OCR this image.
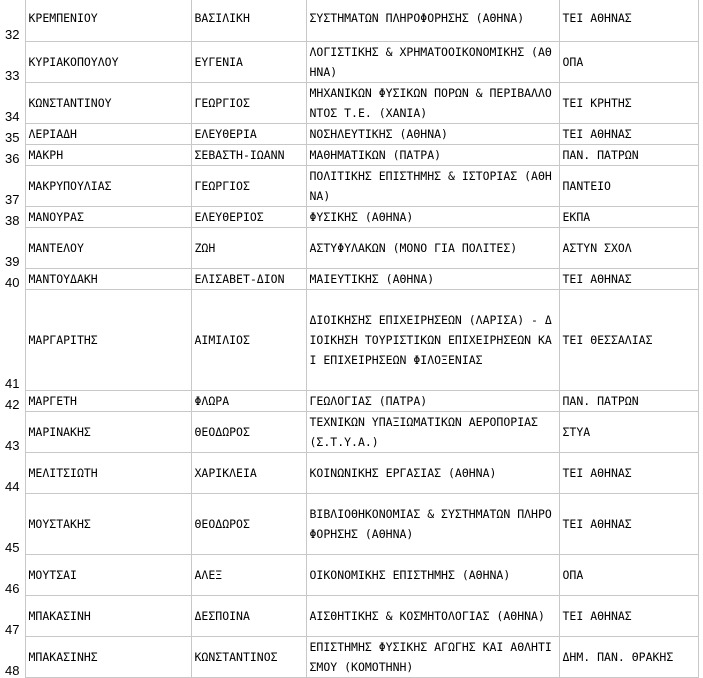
32	ΚΡΕΜΠΕΝΙΟΥ	ΒΑΣΙΛΙΚΗ	ΣΥΣΤΗΜΑΤΩΝ ΠΛΗΡΟΦΟΡΗΣΗΣ (ΑΘΗΝΑ)	ΤΕΙ ΑΘΗΝΑΣ
33	ΚΥΡΙΑΚΟΠΟΥΛΟΥ	ΕΥΓΕΝΙΑ	ΛΟΓΙΣΤΙΚΗΣ & ΧΡΗΜΑΤΟΟΙΚΟΝΟΜΙΚΗΣ (ΑΘΗΝΑ)	ΟΠΑ
34	ΚΩΝΣΤΑΝΤΙΝΟΥ	ΓΕΩΡΓΙΟΣ	ΜΗΧΑΝΙΚΩΝ ΦΥΣΙΚΩΝ ΠΟΡΩΝ & ΠΕΡΙΒΑΛΛΟΝΤΟΣ Τ.Ε. (ΧΑΝΙΑ)	ΤΕΙ ΚΡΗΤΗΣ
35	ΛΕΡΙΑΔΗ	ΕΛΕΥΘΕΡΙΑ	ΝΟΣΗΛΕΥΤΙΚΗΣ (ΑΘΗΝΑ)	ΤΕΙ ΑΘΗΝΑΣ
36	ΜΑΚΡΗ	ΣΕΒΑΣΤΗ-ΙΩΑΝΝ	ΜΑΘΗΜΑΤΙΚΩΝ (ΠΑΤΡΑ)	ΠΑΝ. ΠΑΤΡΩΝ
37	ΜΑΚΡΥΠΟΥΛΙΑΣ	ΓΕΩΡΓΙΟΣ	ΠΟΛΙΤΙΚΗΣ ΕΠΙΣΤΗΜΗΣ & ΙΣΤΟΡΙΑΣ (ΑΘΗΝΑ)	ΠΑΝΤΕΙΟ
38	ΜΑΝΟΥΡΑΣ	ΕΛΕΥΘΕΡΙΟΣ	ΦΥΣΙΚΗΣ (ΑΘΗΝΑ)	ΕΚΠΑ
39	ΜΑΝΤΕΛΟΥ	ΖΩΗ	ΑΣΤΥΦΥΛΑΚΩΝ (ΜΟΝΟ ΓΙΑ ΠΟΛΙΤΕΣ)	ΑΣΤΥΝ ΣΧΟΛ
40	ΜΑΝΤΟΥΔΑΚΗ	ΕΛΙΣΑΒΕΤ-ΔΙΟΝ	ΜΑΙΕΥΤΙΚΗΣ (ΑΘΗΝΑ)	ΤΕΙ ΑΘΗΝΑΣ
41	ΜΑΡΓΑΡΙΤΗΣ	ΑΙΜΙΛΙΟΣ	ΔΙΟΙΚΗΣΗΣ ΕΠΙΧΕΙΡΗΣΕΩΝ (ΛΑΡΙΣΑ) - ΔΙΟΙΚΗΣΗ ΤΟΥΡΙΣΤΙΚΩΝ ΕΠΙΧΕΙΡΗΣΕΩΝ ΚΑΙ ΕΠΙΧΕΙΡΗΣΕΩΝ ΦΙΛΟΞΕΝΙΑΣ	ΤΕΙ ΘΕΣΣΑΛΙΑΣ
42	ΜΑΡΓΕΤΗ	ΦΛΩΡΑ	ΓΕΩΛΟΓΙΑΣ (ΠΑΤΡΑ)	ΠΑΝ. ΠΑΤΡΩΝ
43	ΜΑΡΙΝΑΚΗΣ	ΘΕΟΔΩΡΟΣ	ΤΕΧΝΙΚΩΝ ΥΠΑΞΙΩΜΑΤΙΚΩΝ ΑΕΡΟΠΟΡΙΑΣ (Σ.Τ.Υ.Α.)	ΣΤΥΑ
44	ΜΕΛΙΤΣΙΩΤΗ	ΧΑΡΙΚΛΕΙΑ	ΚΟΙΝΩΝΙΚΗΣ ΕΡΓΑΣΙΑΣ (ΑΘΗΝΑ)	ΤΕΙ ΑΘΗΝΑΣ
45	ΜΟΥΣΤΑΚΗΣ	ΘΕΟΔΩΡΟΣ	ΒΙΒΛΙΟΘΗΚΟΝΟΜΙΑΣ & ΣΥΣΤΗΜΑΤΩΝ ΠΛΗΡΟΦΟΡΗΣΗΣ (ΑΘΗΝΑ)	ΤΕΙ ΑΘΗΝΑΣ
46	ΜΟΥΤΣΑΙ	ΑΛΕΞ	ΟΙΚΟΝΟΜΙΚΗΣ ΕΠΙΣΤΗΜΗΣ (ΑΘΗΝΑ)	ΟΠΑ
47	ΜΠΑΚΑΣΙΝΗ	ΔΕΣΠΟΙΝΑ	ΑΙΣΘΗΤΙΚΗΣ & ΚΟΣΜΗΤΟΛΟΓΙΑΣ (ΑΘΗΝΑ)	ΤΕΙ ΑΘΗΝΑΣ
48	ΜΠΑΚΑΣΙΝΗΣ	ΚΩΝΣΤΑΝΤΙΝΟΣ	ΕΠΙΣΤΗΜΗΣ ΦΥΣΙΚΗΣ ΑΓΩΓΗΣ ΚΑΙ ΑΘΛΗΤΙΣΜΟΥ (ΚΟΜΟΤΗΝΗ)	ΔΗΜ. ΠΑΝ. ΘΡΑΚΗΣ
